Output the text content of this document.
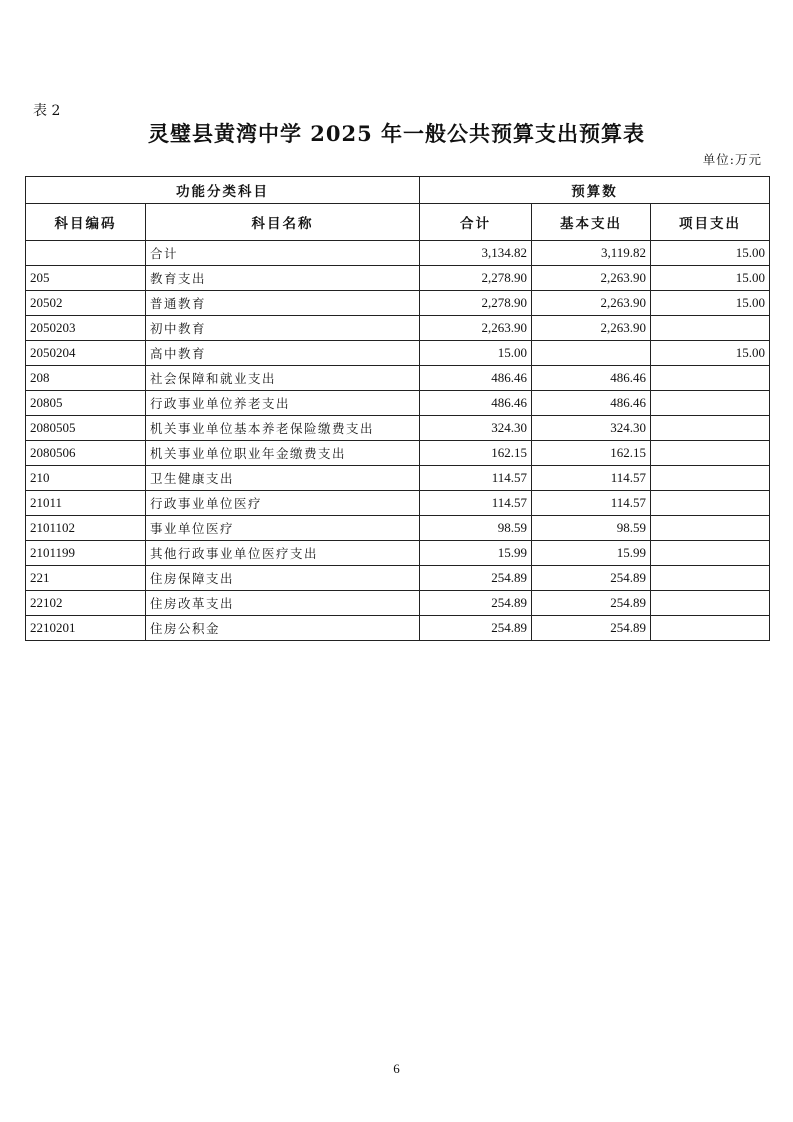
表 2
灵璧县黄湾中学 2025 年一般公共预算支出预算表
单位:万元
功能分类科目		预算数		
科目编码	科目名称	合计	基本支出	项目支出
	合计	3,134.82	3,119.82	15.00
205	教育支出	2,278.90	2,263.90	15.00
20502	普通教育	2,278.90	2,263.90	15.00
2050203	初中教育	2,263.90	2,263.90	
2050204	高中教育	15.00		15.00
208	社会保障和就业支出	486.46	486.46	
20805	行政事业单位养老支出	486.46	486.46	
2080505	机关事业单位基本养老保险缴费支出	324.30	324.30	
2080506	机关事业单位职业年金缴费支出	162.15	162.15	
210	卫生健康支出	114.57	114.57	
21011	行政事业单位医疗	114.57	114.57	
2101102	事业单位医疗	98.59	98.59	
2101199	其他行政事业单位医疗支出	15.99	15.99	
221	住房保障支出	254.89	254.89	
22102	住房改革支出	254.89	254.89	
2210201	住房公积金	254.89	254.89	
6
